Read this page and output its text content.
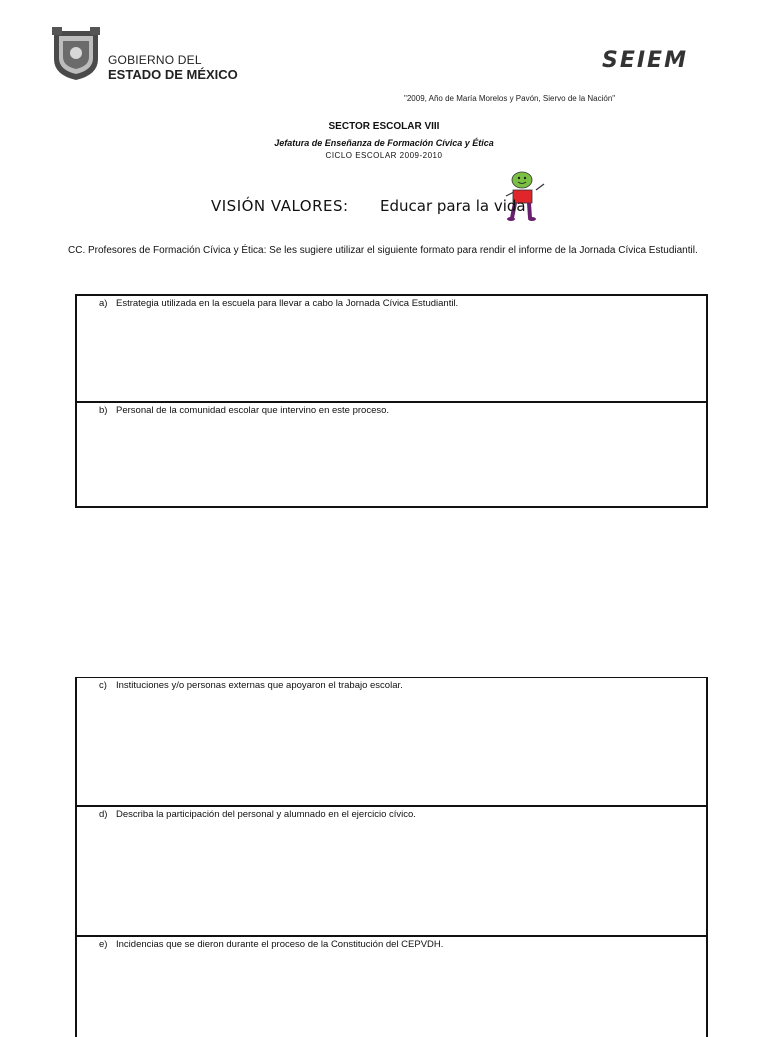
GOBIERNO DEL
ESTADO DE MÉXICO
SEIEM
"2009, Año de María Morelos y Pavón, Siervo de la Nación"
SECTOR ESCOLAR VIII
Jefatura de Enseñanza de Formación Cívica y Ética
CICLO ESCOLAR 2009-2010
VISIÓN VALORES: Educar para la vida
CC. Profesores de Formación Cívica y Ética: Se les sugiere utilizar el siguiente formato para rendir el informe de la Jornada Cívica Estudiantil.
a) Estrategia utilizada en la escuela para llevar a cabo la Jornada Cívica Estudiantil.
b) Personal de la comunidad escolar que intervino en este proceso.
c) Instituciones y/o personas externas que apoyaron el trabajo escolar.
d) Describa la participación del personal y alumnado en el ejercicio cívico.
e) Incidencias que se dieron durante el proceso de la Constitución del CEPVDH.
